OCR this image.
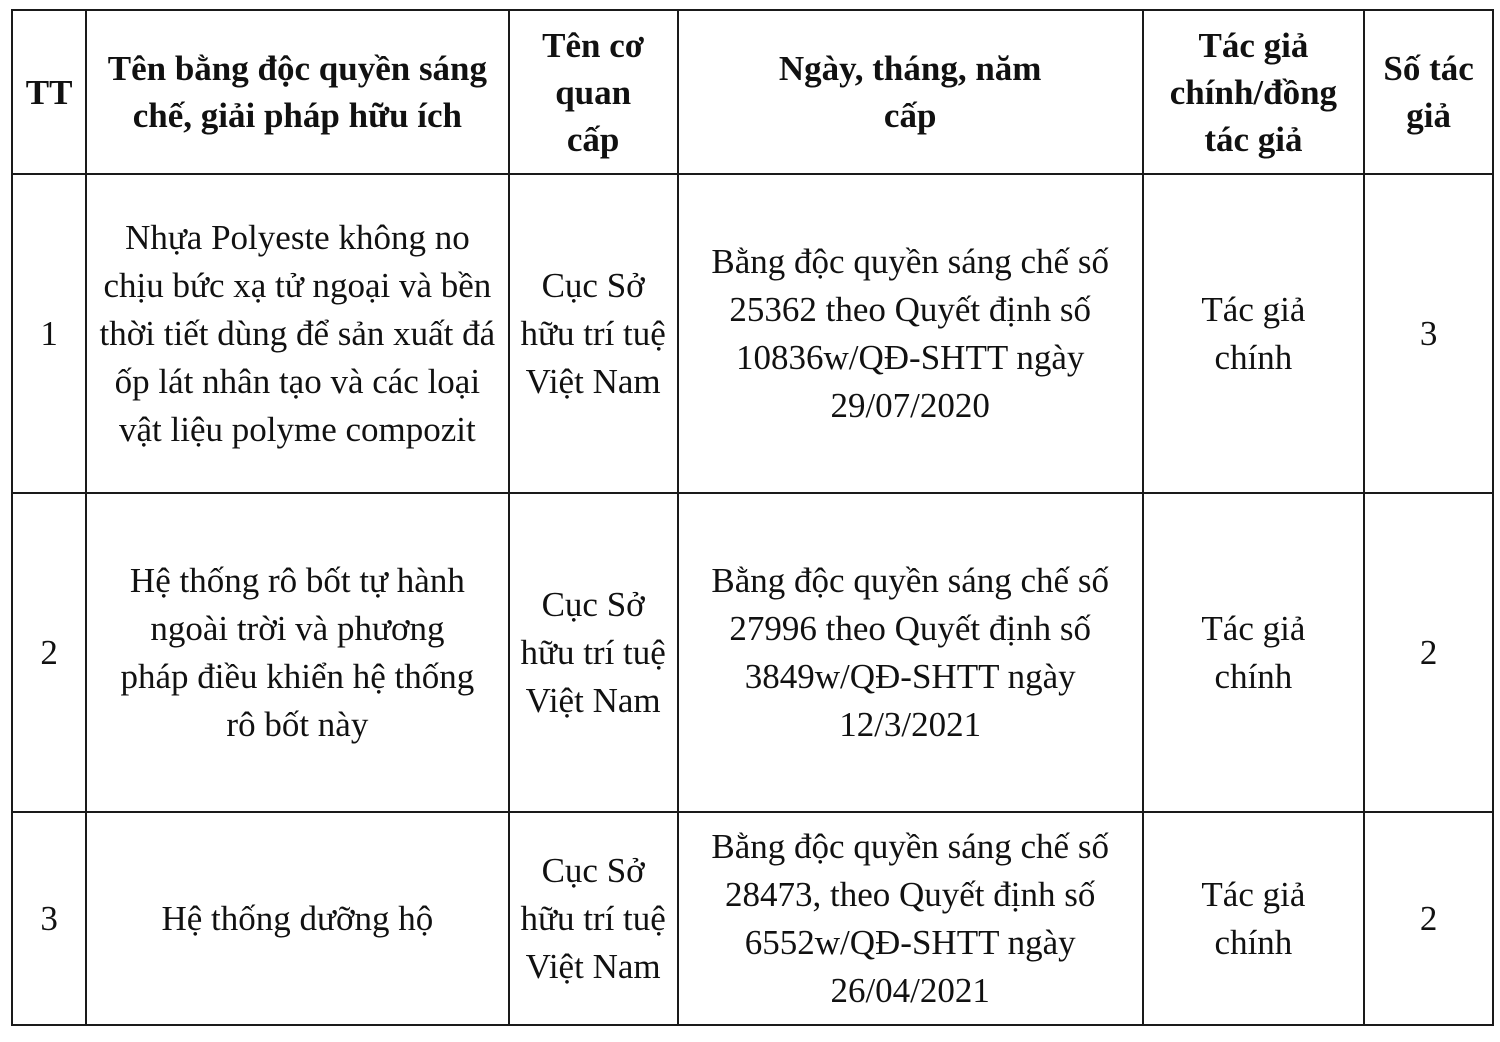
TT	Tên bằng độc quyền sáng chế, giải pháp hữu ích	Tên cơ quan cấp	Ngày, tháng, năm cấp	Tác giả chính/đồng tác giả	Số tác giả

1	Nhựa Polyeste không no chịu bức xạ tử ngoại và bền thời tiết dùng để sản xuất đá ốp lát nhân tạo và các loại vật liệu polyme compozit	Cục Sở hữu trí tuệ Việt Nam	Bằng độc quyền sáng chế số 25362 theo Quyết định số 10836w/QĐ-SHTT ngày 29/07/2020	Tác giả chính	3
2	Hệ thống rô bốt tự hành ngoài trời và phương pháp điều khiển hệ thống rô bốt này	Cục Sở hữu trí tuệ Việt Nam	Bằng độc quyền sáng chế số 27996 theo Quyết định số 3849w/QĐ-SHTT ngày 12/3/2021	Tác giả chính	2
3	Hệ thống dưỡng hộ	Cục Sở hữu trí tuệ Việt Nam	Bằng độc quyền sáng chế số 28473, theo Quyết định số 6552w/QĐ-SHTT ngày 26/04/2021	Tác giả chính	2
